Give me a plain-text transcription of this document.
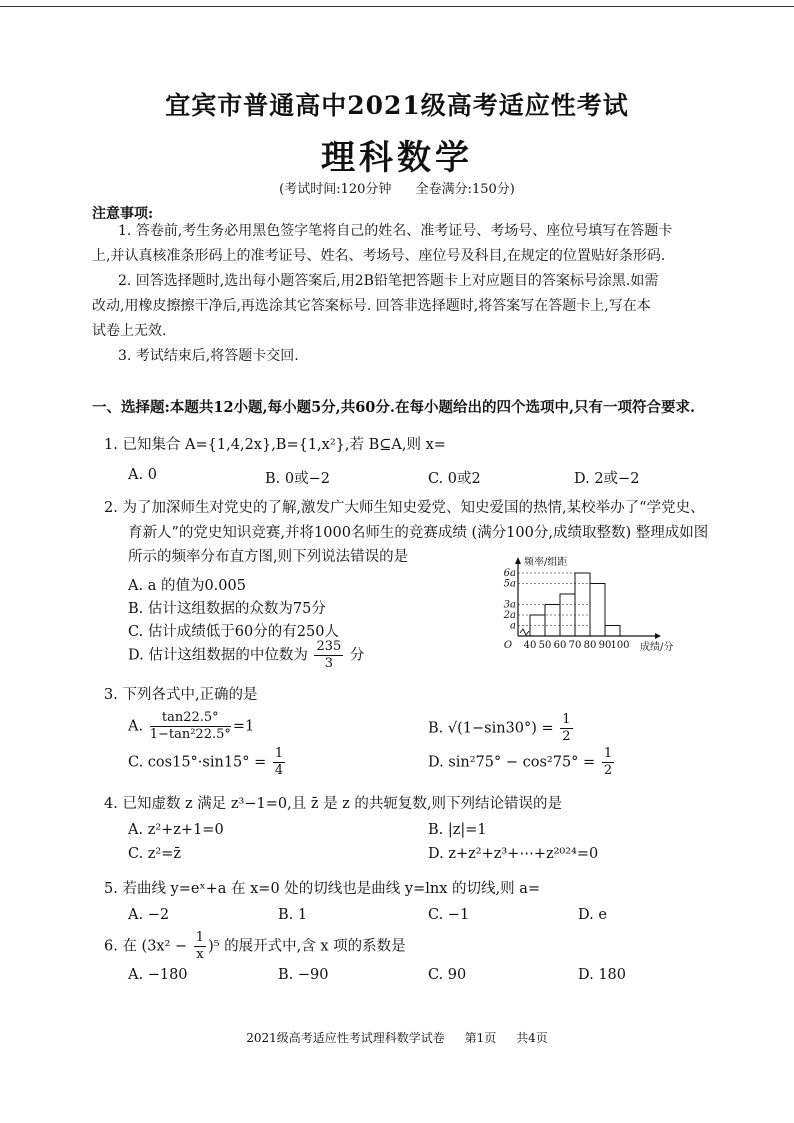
宜宾市普通高中2021级高考适应性考试
理科数学
(考试时间:120分钟 全卷满分:150分)
注意事项:
1. 答卷前,考生务必用黑色签字笔将自己的姓名、准考证号、考场号、座位号填写在答题卡
上,并认真核准条形码上的准考证号、姓名、考场号、座位号及科目,在规定的位置贴好条形码.
2. 回答选择题时,选出每小题答案后,用2B铅笔把答题卡上对应题目的答案标号涂黑.如需
改动,用橡皮擦擦干净后,再选涂其它答案标号. 回答非选择题时,将答案写在答题卡上,写在本
试卷上无效.
3. 考试结束后,将答题卡交回.
一、选择题:本题共12小题,每小题5分,共60分.在每小题给出的四个选项中,只有一项符合要求.
1. 已知集合 A={1,4,2x},B={1,x²},若 B⊆A,则 x=
A. 0	B. 0或−2	C. 0或2	D. 2或−2
2. 为了加深师生对党史的了解,激发广大师生知史爱党、知史爱国的热情,某校举办了“学党史、
育新人”的党史知识竞赛,并将1000名师生的竞赛成绩 (满分100分,成绩取整数) 整理成如图
所示的频率分布直方图,则下列说法错误的是
A. a 的值为0.005
B. 估计这组数据的众数为75分
C. 估计成绩低于60分的有250人
D. 估计这组数据的中位数为 $\frac{235}{3}$ 分
a
2a
3a
5a
6a
40 50 60 70 80 90 100
O
频率/组距
成绩/分
3. 下列各式中,正确的是
A. $\frac{\tan 22.5^\circ}{\text{1−tan²22.5°}} =1$	B. $√(1-\sin 30^\circ) = \frac{1}{2}$
C. $\cos 15^\circ\cdot\sin 15^\circ = \frac{1}{4}$	D. $\sin^275^\circ - \cos^275^\circ = \frac{1}{2}$
4. 已知虚数 z 满足 z³−1=0,且 z̄ 是 z 的共轭复数,则下列结论错误的是
A. z²+z+1=0	B. |z|=1
C. z²=z̄	D. z+z²+z³+⋯+z²⁰²⁴=0
5. 若曲线 y=eˣ+a 在 x=0 处的切线也是曲线 y=lnx 的切线,则 a=
A. −2	B. 1	C. −1	D. e
6. 在 $(3x^2 - \frac{1}{x} )^5$ 的展开式中,含 x 项的系数是
A. −180	B. −90	C. 90	D. 180
2021级高考适应性考试理科数学试卷 第1页 共4页
